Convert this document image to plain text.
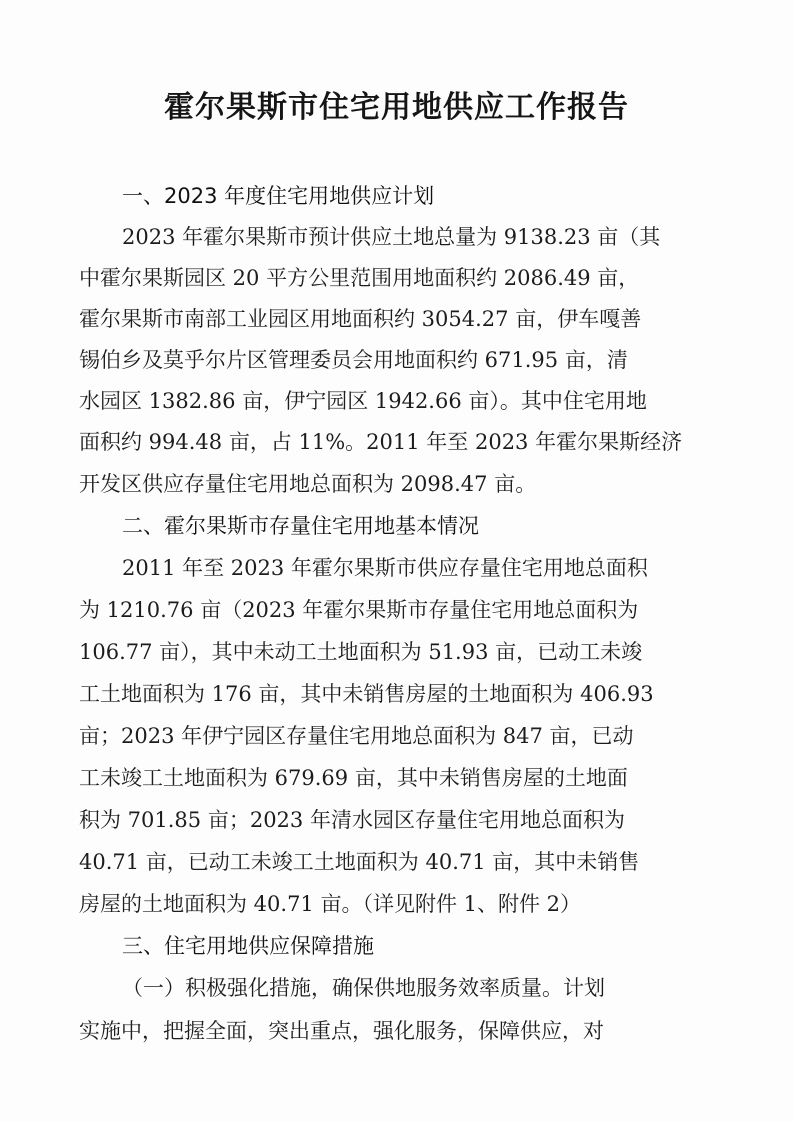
霍尔果斯市住宅用地供应工作报告
一、2023 年度住宅用地供应计划
2023 年霍尔果斯市预计供应土地总量为 9138.23 亩（其
中霍尔果斯园区 20 平方公里范围用地面积约 2086.49 亩，
霍尔果斯市南部工业园区用地面积约 3054.27 亩，伊车嘎善
锡伯乡及莫乎尔片区管理委员会用地面积约 671.95 亩，清
水园区 1382.86 亩，伊宁园区 1942.66 亩）。其中住宅用地
面积约 994.48 亩，占 11%。2011 年至 2023 年霍尔果斯经济
开发区供应存量住宅用地总面积为 2098.47 亩。
二、霍尔果斯市存量住宅用地基本情况
2011 年至 2023 年霍尔果斯市供应存量住宅用地总面积
为 1210.76 亩（2023 年霍尔果斯市存量住宅用地总面积为
106.77 亩），其中未动工土地面积为 51.93 亩，已动工未竣
工土地面积为 176 亩，其中未销售房屋的土地面积为 406.93
亩；2023 年伊宁园区存量住宅用地总面积为 847 亩，已动
工未竣工土地面积为 679.69 亩，其中未销售房屋的土地面
积为 701.85 亩；2023 年清水园区存量住宅用地总面积为
40.71 亩，已动工未竣工土地面积为 40.71 亩，其中未销售
房屋的土地面积为 40.71 亩。（详见附件 1、附件 2）
三、住宅用地供应保障措施
（一）积极强化措施，确保供地服务效率质量。计划
实施中，把握全面，突出重点，强化服务，保障供应，对
